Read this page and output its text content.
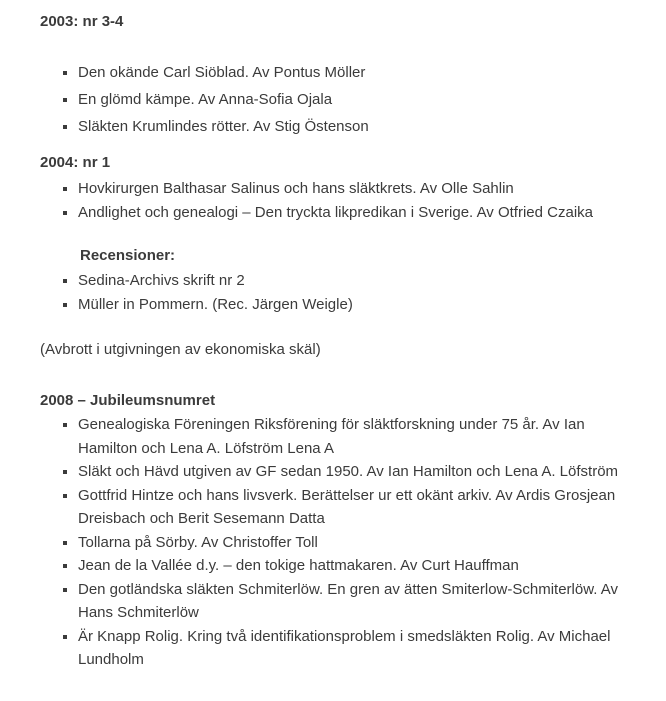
2003: nr 3-4
▪ Den okände Carl Siöblad. Av Pontus Möller
▪ En glömd kämpe. Av Anna-Sofia Ojala
▪ Släkten Krumlindes rötter. Av Stig Östenson
2004: nr 1
▪ Hovkirurgen Balthasar Salinus och hans släktkrets. Av Olle Sahlin
▪ Andlighet och genealogi – Den tryckta likpredikan i Sverige. Av Otfried Czaika
Recensioner:
▪ Sedina-Archivs skrift nr 2
▪ Müller in Pommern. (Rec. Järgen Weigle)
(Avbrott i utgivningen av ekonomiska skäl)
2008 – Jubileumsnumret
▪ Genealogiska Föreningen Riksförening för släktforskning under 75 år. Av Ian Hamilton och Lena A. Löfström Lena A
▪ Släkt och Hävd utgiven av GF sedan 1950. Av Ian Hamilton och Lena A. Löfström
▪ Gottfrid Hintze och hans livsverk. Berättelser ur ett okänt arkiv. Av Ardis Grosjean Dreisbach och Berit Sesemann Datta
▪ Tollarna på Sörby. Av Christoffer Toll
▪ Jean de la Vallée d.y. – den tokige hattmakaren. Av Curt Hauffman
▪ Den gotländska släkten Schmiterlöw. En gren av ätten Smiterlow-Schmiterlöw. Av Hans Schmiterlöw
▪ Är Knapp Rolig. Kring två identifikationsproblem i smedsläkten Rolig. Av Michael Lundholm
